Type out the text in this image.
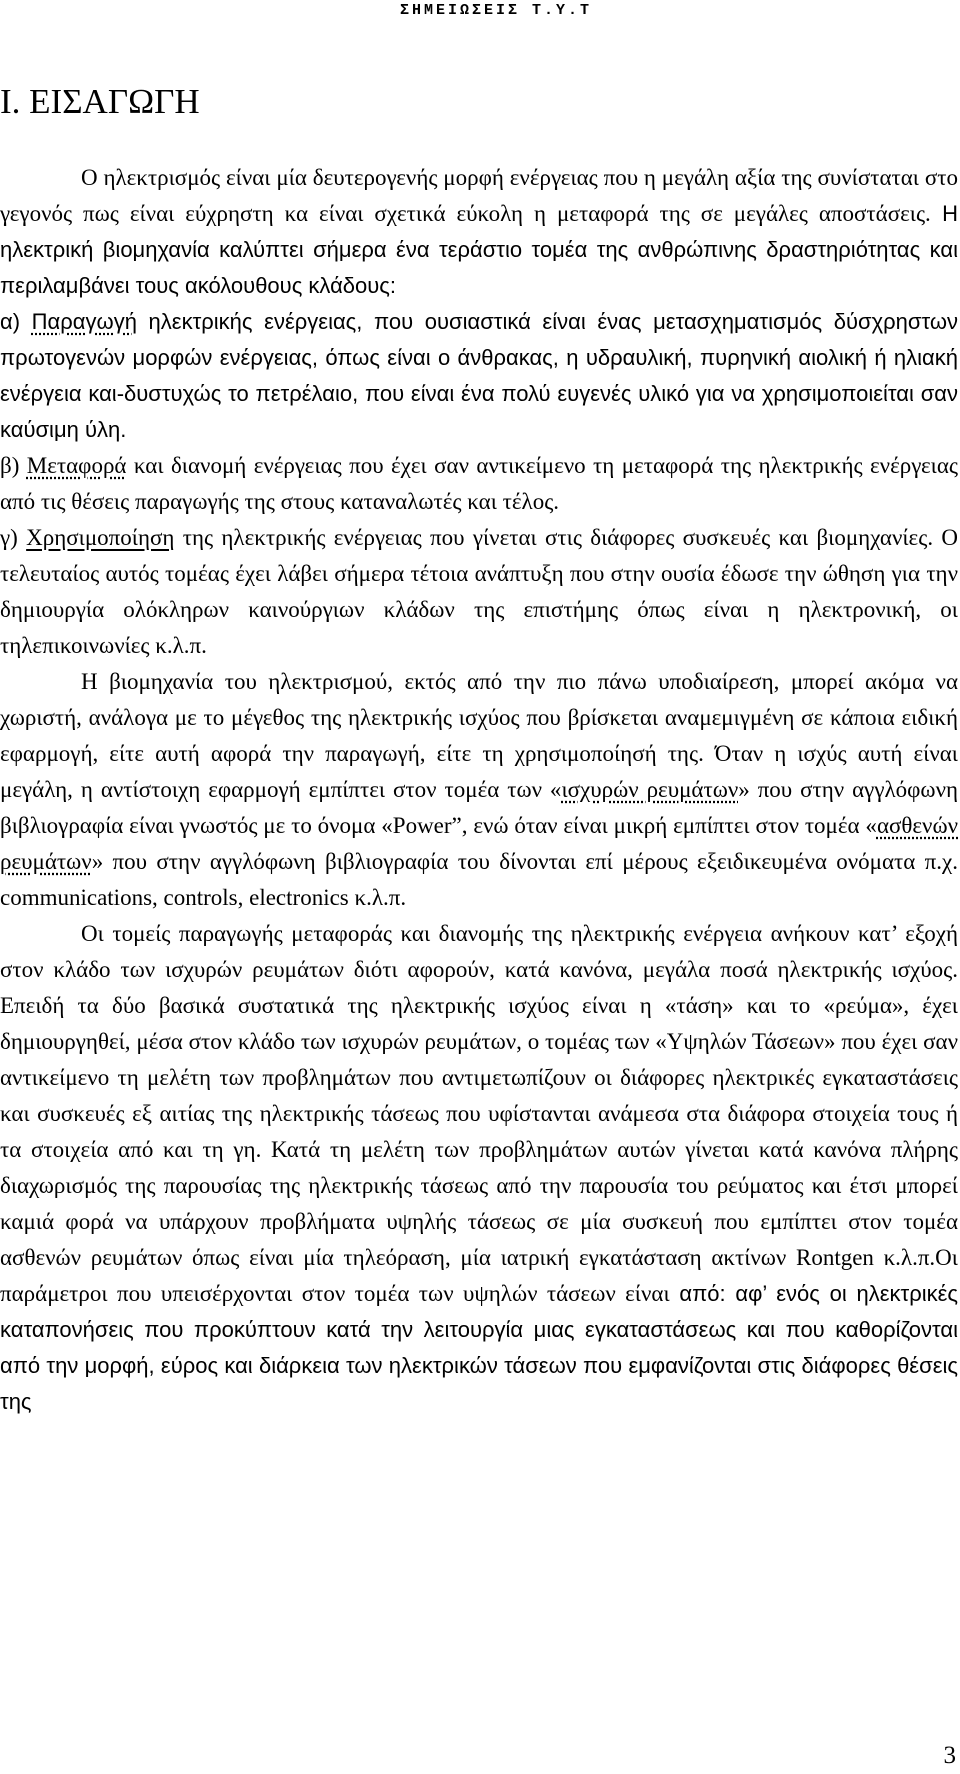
ΣΗΜΕΙΩΣΕΙΣ Τ.Υ.Τ
Ι. ΕΙΣΑΓΩΓΗ

Ο ηλεκτρισμός είναι μία δευτερογενής μορφή ενέργειας που η μεγάλη αξία της συνίσταται στο γεγονός πως είναι εύχρηστη κα είναι σχετικά εύκολη η μεταφορά της σε μεγάλες αποστάσεις. Η ηλεκτρική βιομηχανία καλύπτει σήμερα ένα τεράστιο τομέα της ανθρώπινης δραστηριότητας και περιλαμβάνει τους ακόλουθους κλάδους:

α) Παραγωγή ηλεκτρικής ενέργειας, που ουσιαστικά είναι ένας μετασχηματισμός δύσχρηστων πρωτογενών μορφών ενέργειας, όπως είναι ο άνθρακας, η υδραυλική, πυρηνική αιολική ή ηλιακή ενέργεια και-δυστυχώς το πετρέλαιο, που είναι ένα πολύ ευγενές υλικό για να χρησιμοποιείται σαν καύσιμη ύλη.

β) Μεταφορά και διανομή ενέργειας που έχει σαν αντικείμενο τη μεταφορά της ηλεκτρικής ενέργειας από τις θέσεις παραγωγής της στους καταναλωτές και τέλος.

γ) Χρησιμοποίηση της ηλεκτρικής ενέργειας που γίνεται στις διάφορες συσκευές και βιομηχανίες. Ο τελευταίος αυτός τομέας έχει λάβει σήμερα τέτοια ανάπτυξη που στην ουσία έδωσε την ώθηση για την δημιουργία ολόκληρων καινούργιων κλάδων της επιστήμης όπως είναι η ηλεκτρονική, οι τηλεπικοινωνίες κ.λ.π.

Η βιομηχανία του ηλεκτρισμού, εκτός από την πιο πάνω υποδιαίρεση, μπορεί ακόμα να χωριστή, ανάλογα με το μέγεθος της ηλεκτρικής ισχύος που βρίσκεται αναμεμιγμένη σε κάποια ειδική εφαρμογή, είτε αυτή αφορά την παραγωγή, είτε τη χρησιμοποίησή της. Όταν η ισχύς αυτή είναι μεγάλη, η αντίστοιχη εφαρμογή εμπίπτει στον τομέα των «ισχυρών ρευμάτων» που στην αγγλόφωνη βιβλιογραφία είναι γνωστός με το όνομα «Power”, ενώ όταν είναι μικρή εμπίπτει στον τομέα «ασθενών ρευμάτων» που στην αγγλόφωνη βιβλιογραφία του δίνονται επί μέρους εξειδικευμένα ονόματα π.χ. communications, controls, electronics κ.λ.π.

Οι τομείς παραγωγής μεταφοράς και διανομής της ηλεκτρικής ενέργεια ανήκουν κατ’ εξοχή στον κλάδο των ισχυρών ρευμάτων διότι αφορούν, κατά κανόνα, μεγάλα ποσά ηλεκτρικής ισχύος. Επειδή τα δύο βασικά συστατικά της ηλεκτρικής ισχύος είναι η «τάση» και το «ρεύμα», έχει δημιουργηθεί, μέσα στον κλάδο των ισχυρών ρευμάτων, ο τομέας των «Υψηλών Τάσεων» που έχει σαν αντικείμενο τη μελέτη των προβλημάτων που αντιμετωπίζουν οι διάφορες ηλεκτρικές εγκαταστάσεις και συσκευές εξ αιτίας της ηλεκτρικής τάσεως που υφίστανται ανάμεσα στα διάφορα στοιχεία τους ή τα στοιχεία από και τη γη. Κατά τη μελέτη των προβλημάτων αυτών γίνεται κατά κανόνα πλήρης διαχωρισμός της παρουσίας της ηλεκτρικής τάσεως από την παρουσία του ρεύματος και έτσι μπορεί καμιά φορά να υπάρχουν προβλήματα υψηλής τάσεως σε μία συσκευή που εμπίπτει στον τομέα ασθενών ρευμάτων όπως είναι μία τηλεόραση, μία ιατρική εγκατάσταση ακτίνων Rontgen κ.λ.π.Οι παράμετροι που υπεισέρχονται στον τομέα των υψηλών τάσεων είναι από: αφ’ ενός οι ηλεκτρικές καταπονήσεις που προκύπτουν κατά την λειτουργία μιας εγκαταστάσεως και που καθορίζονται από την μορφή, εύρος και διάρκεια των ηλεκτρικών τάσεων που εμφανίζονται στις διάφορες θέσεις της

3
